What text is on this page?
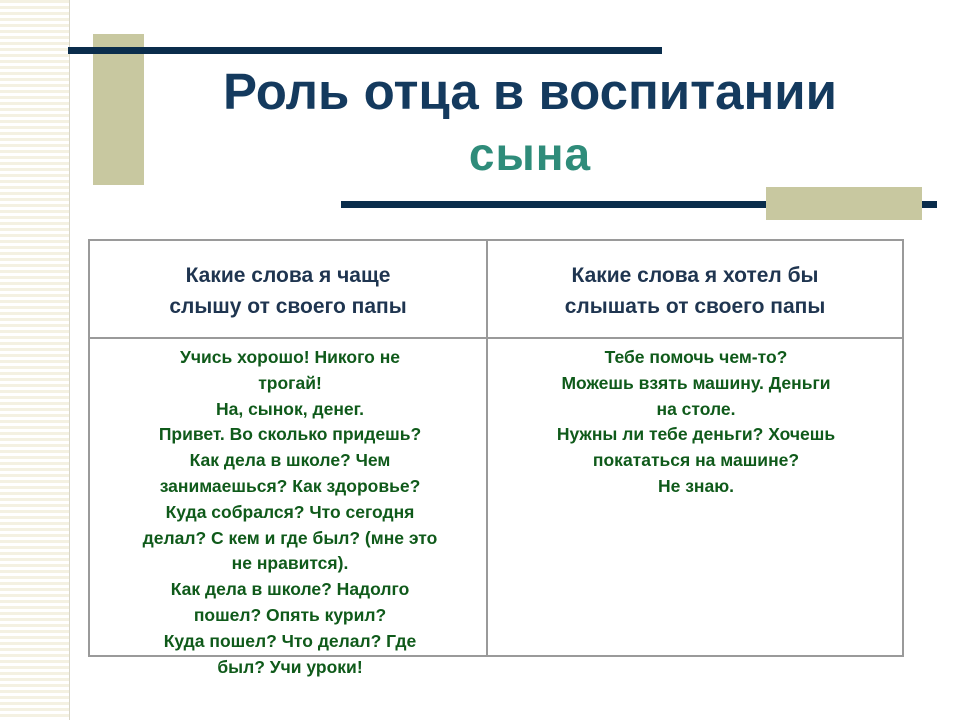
Роль отца в воспитании
сына
Какие слова я чаще
слышу от своего папы
Какие слова я хотел бы
слышать от своего папы
Учись хорошо! Никого не
трогай!
На, сынок, денег.
Привет. Во сколько придешь?
Как дела в школе? Чем
занимаешься? Как здоровье?
Куда собрался? Что сегодня
делал? С кем и где был? (мне это
не нравится).
Как дела в школе? Надолго
пошел? Опять курил?
Куда пошел? Что делал? Где
был? Учи уроки!
Тебе помочь чем-то?
Можешь взять машину. Деньги
на столе.
Нужны ли тебе деньги? Хочешь
покататься на машине?
Не знаю.
